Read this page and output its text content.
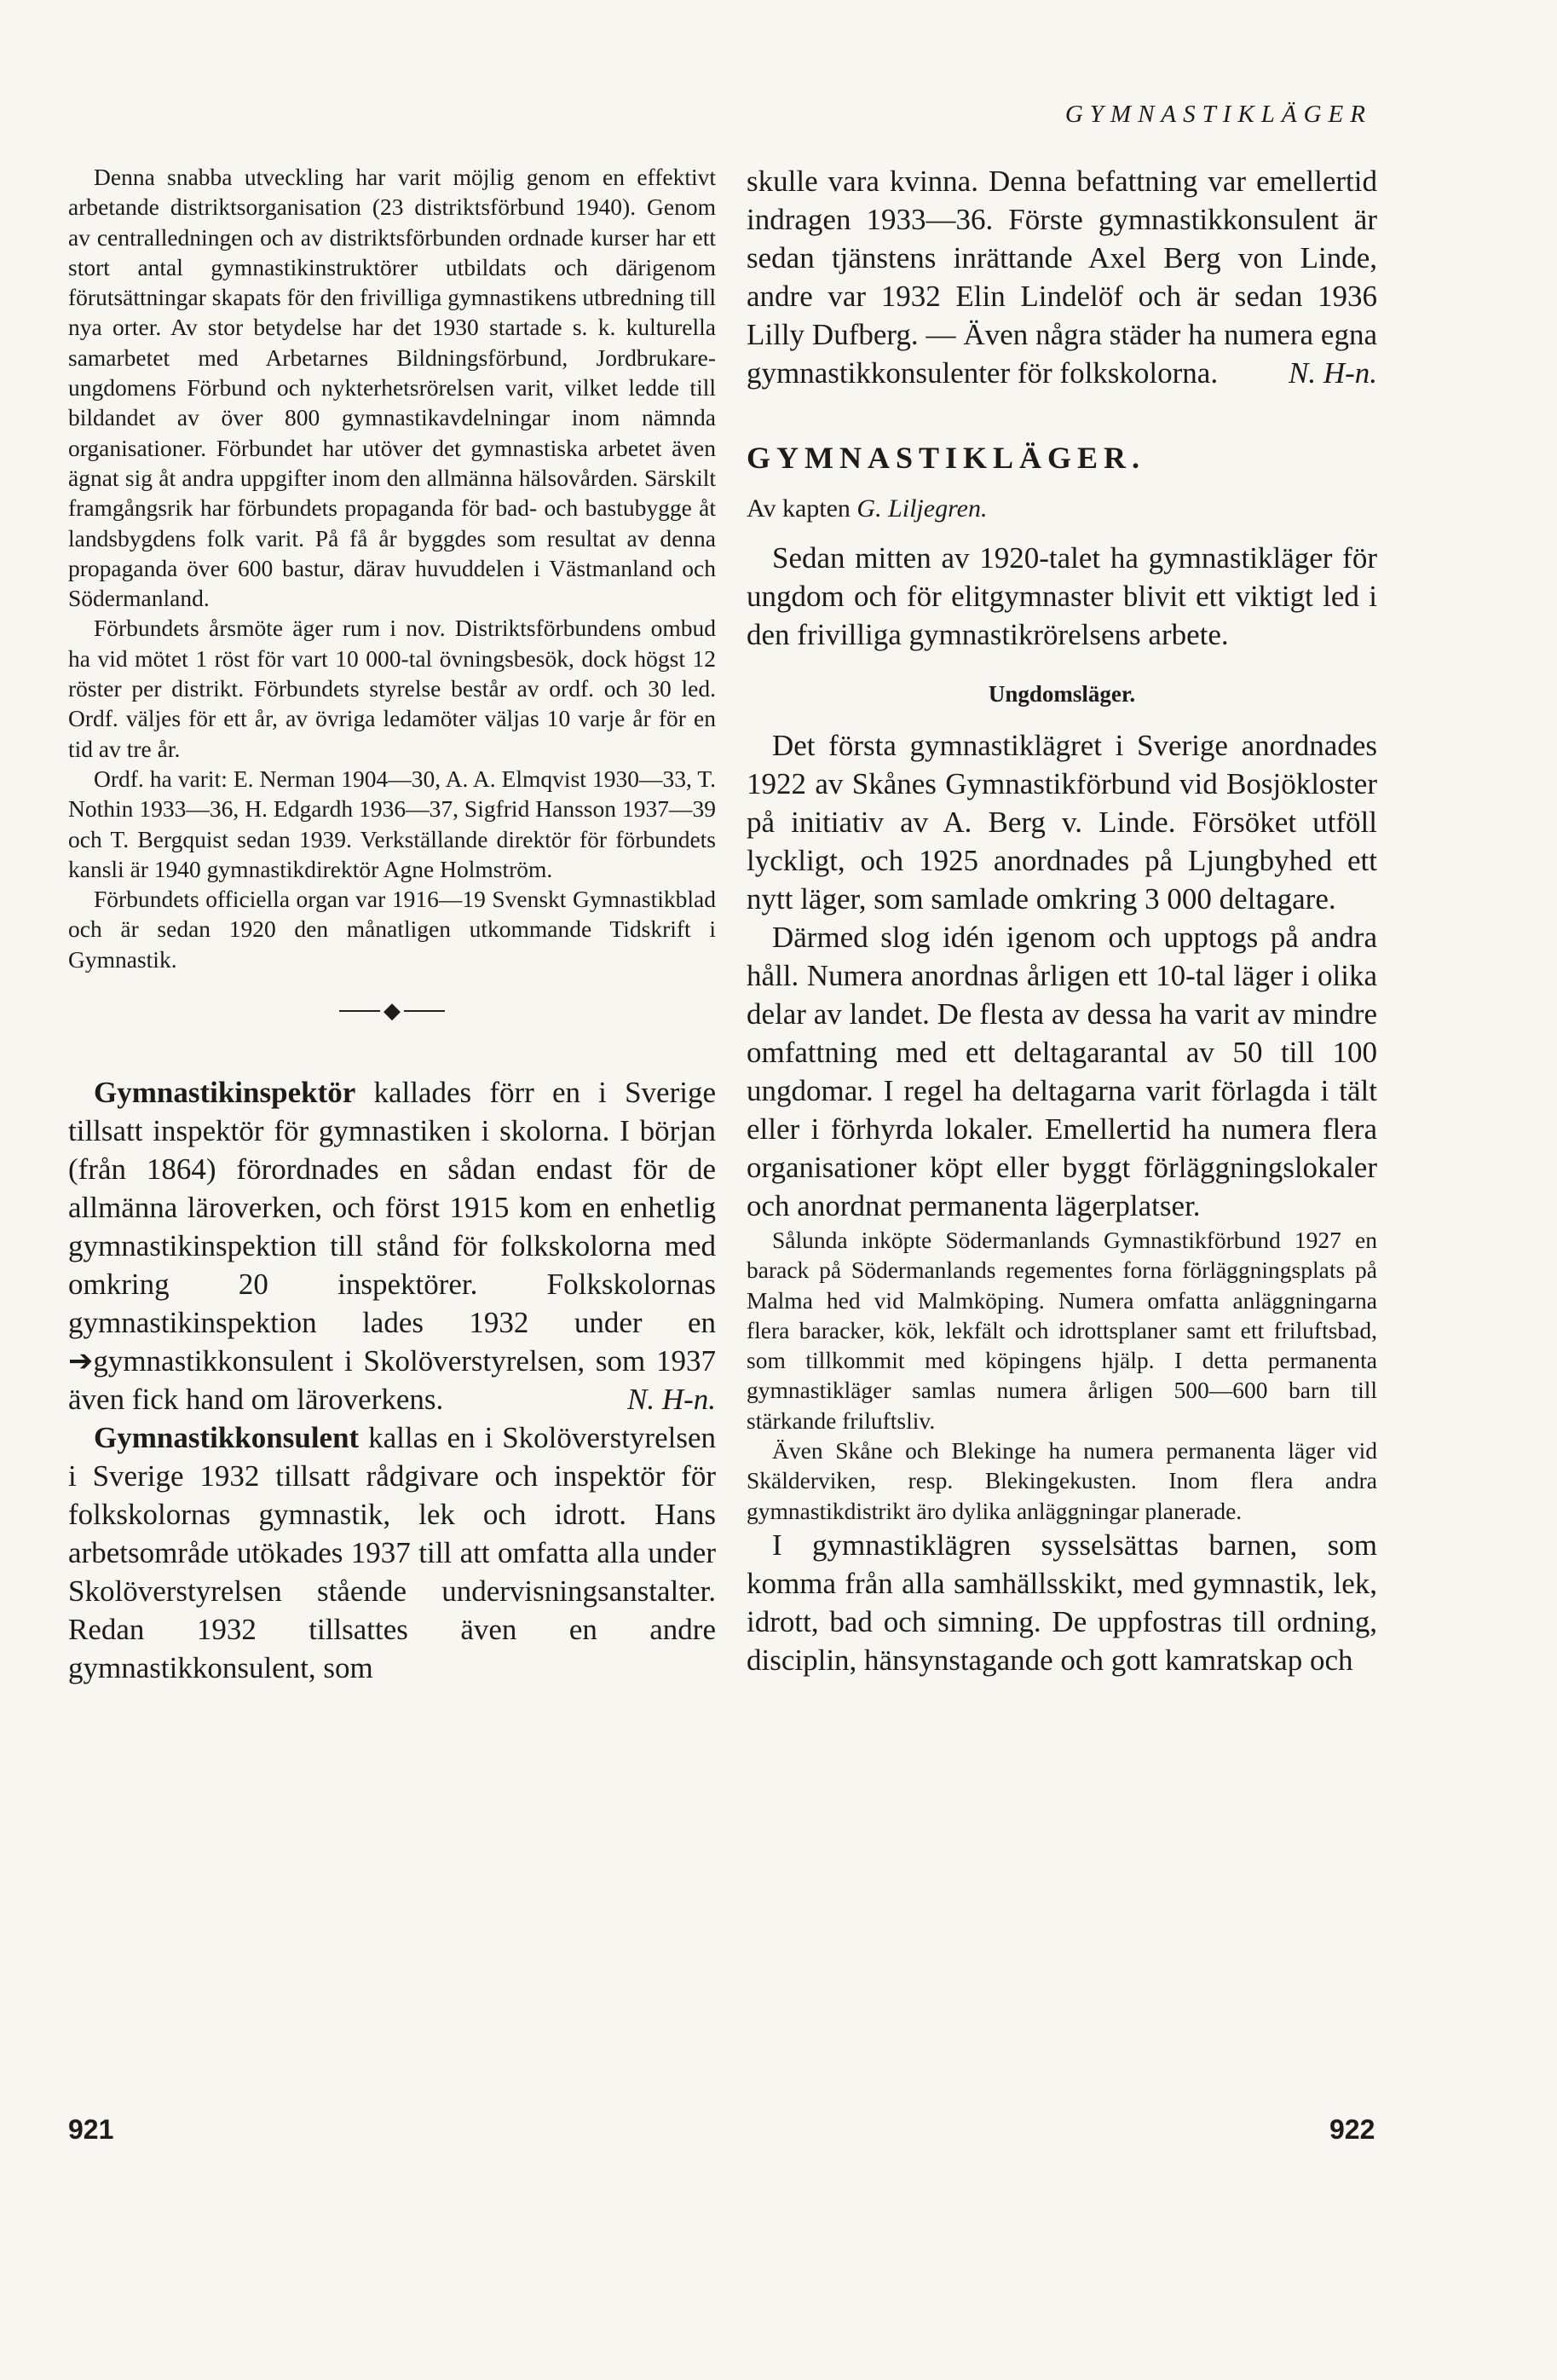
GYMNASTIKLÄGER

Denna snabba utveckling har varit möjlig genom en effektivt arbetande distriktsorganisation (23 distriktsförbund 1940). Genom av centralledningen och av distriktsförbunden ordnade kurser har ett stort antal gymnastikinstruktörer utbildats och därigenom förutsättningar skapats för den frivilliga gymnastikens utbredning till nya orter. Av stor betydelse har det 1930 startade s. k. kulturella samarbetet med Arbetarnes Bildningsförbund, Jordbrukare-ungdomens Förbund och nykterhetsrörelsen varit, vilket ledde till bildandet av över 800 gymnastikavdelningar inom nämnda organisationer. Förbundet har utöver det gymnastiska arbetet även ägnat sig åt andra uppgifter inom den allmänna hälsovården. Särskilt framgångsrik har förbundets propaganda för bad- och bastubygge åt landsbygdens folk varit. På få år byggdes som resultat av denna propaganda över 600 bastur, därav huvuddelen i Västmanland och Södermanland.

Förbundets årsmöte äger rum i nov. Distriktsförbundens ombud ha vid mötet 1 röst för vart 10 000-tal övningsbesök, dock högst 12 röster per distrikt. Förbundets styrelse består av ordf. och 30 led. Ordf. väljes för ett år, av övriga ledamöter väljas 10 varje år för en tid av tre år.

Ordf. ha varit: E. Nerman 1904—30, A. A. Elmqvist 1930—33, T. Nothin 1933—36, H. Edgardh 1936—37, Sigfrid Hansson 1937—39 och T. Bergquist sedan 1939. Verkställande direktör för förbundets kansli är 1940 gymnastikdirektör Agne Holmström.

Förbundets officiella organ var 1916—19 Svenskt Gymnastikblad och är sedan 1920 den månatligen utkommande Tidskrift i Gymnastik.

◆

Gymnastikinspektör kallades förr en i Sverige tillsatt inspektör för gymnastiken i skolorna. I början (från 1864) förordnades en sådan endast för de allmänna läroverken, och först 1915 kom en enhetlig gymnastikinspektion till stånd för folkskolorna med omkring 20 inspektörer. Folkskolornas gymnastikinspektion lades 1932 under en ➔gymnastikkonsulent i Skolöverstyrelsen, som 1937 även fick hand om läroverkens.	N. H-n.

Gymnastikkonsulent kallas en i Skolöverstyrelsen i Sverige 1932 tillsatt rådgivare och inspektör för folkskolornas gymnastik, lek och idrott. Hans arbetsområde utökades 1937 till att omfatta alla under Skolöverstyrelsen stående undervisningsanstalter. Redan 1932 tillsattes även en andre gymnastikkonsulent, som

skulle vara kvinna. Denna befattning var emellertid indragen 1933—36. Förste gymnastikkonsulent är sedan tjänstens inrättande Axel Berg von Linde, andre var 1932 Elin Lindelöf och är sedan 1936 Lilly Dufberg. — Även några städer ha numera egna gymnastikkonsulenter för folkskolorna. N. H-n.

GYMNASTIKLÄGER.
Av kapten G. Liljegren.

Sedan mitten av 1920-talet ha gymnastikläger för ungdom och för elitgymnaster blivit ett viktigt led i den frivilliga gymnastikrörelsens arbete.

Ungdomsläger.

Det första gymnastiklägret i Sverige anordnades 1922 av Skånes Gymnastikförbund vid Bosjökloster på initiativ av A. Berg v. Linde. Försöket utföll lyckligt, och 1925 anordnades på Ljungbyhed ett nytt läger, som samlade omkring 3 000 deltagare.

Därmed slog idén igenom och upptogs på andra håll. Numera anordnas årligen ett 10-tal läger i olika delar av landet. De flesta av dessa ha varit av mindre omfattning med ett deltagarantal av 50 till 100 ungdomar. I regel ha deltagarna varit förlagda i tält eller i förhyrda lokaler. Emellertid ha numera flera organisationer köpt eller byggt förläggningslokaler och anordnat permanenta lägerplatser.

Sålunda inköpte Södermanlands Gymnastikförbund 1927 en barack på Södermanlands regementes forna förläggningsplats på Malma hed vid Malmköping. Numera omfatta anläggningarna flera baracker, kök, lekfält och idrottsplaner samt ett friluftsbad, som tillkommit med köpingens hjälp. I detta permanenta gymnastikläger samlas numera årligen 500—600 barn till stärkande friluftsliv.

Även Skåne och Blekinge ha numera permanenta läger vid Skälderviken, resp. Blekingekusten. Inom flera andra gymnastikdistrikt äro dylika anläggningar planerade.

I gymnastiklägren sysselsättas barnen, som komma från alla samhällsskikt, med gymnastik, lek, idrott, bad och simning. De uppfostras till ordning, disciplin, hänsynstagande och gott kamratskap och

921	922
